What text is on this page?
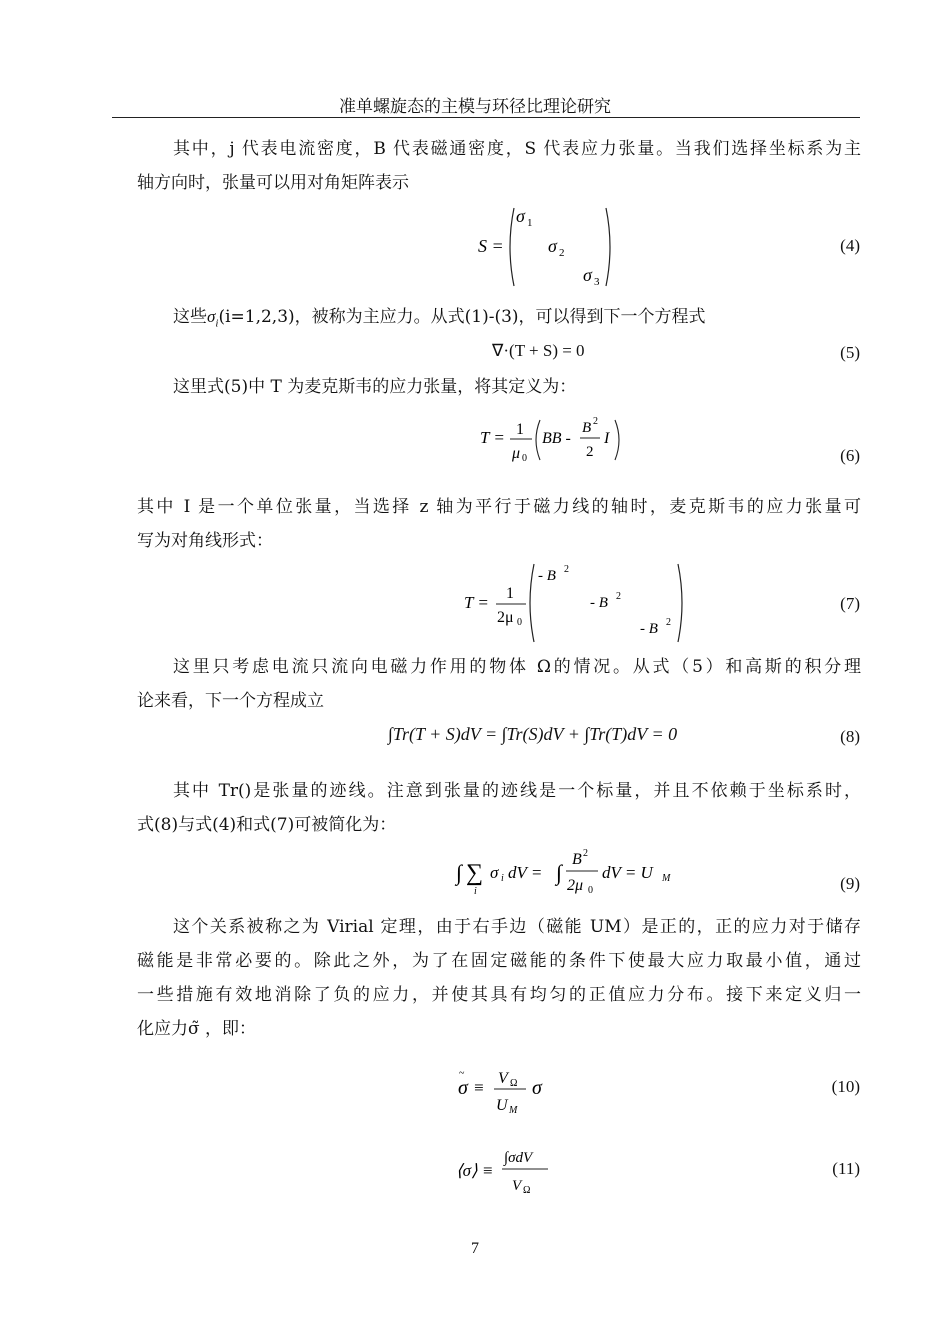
准单螺旋态的主模与环径比理论研究
其中，j 代表电流密度，B 代表磁通密度，S 代表应力张量。当我们选择坐标系为主
轴方向时，张量可以用对角矩阵表示
S =
σ 1
σ 2
σ 3
(4)
这些$\sigma_i(i=1,2,3)$，被称为主应力。从式(1)-(3)，可以得到下一个方程式
∇·(T + S) = 0	(5)
这里式(5)中 T 为麦克斯韦的应力张量，将其定义为：
T = 1
μ 0
BB -
B 2
2
I
(6)
其中 I 是一个单位张量，当选择 z 轴为平行于磁力线的轴时，麦克斯韦的应力张量可
写为对角线形式：
T = 1
2μ 0
- B 2
- B 2
- B 2
(7)
这里只考虑电流只流向电磁力作用的物体 Ω的情况。从式（5）和高斯的积分理
论来看，下一个方程成立
∫Tr(T + S)dV = ∫Tr(S)dV + ∫Tr(T)dV = 0	(8)
其中 Tr()是张量的迹线。注意到张量的迹线是一个标量，并且不依赖于坐标系时，
式(8)与式(4)和式(7)可被简化为：
∫ ∑
i
σ i dV = ∫
B 2
2μ 0
dV = U M	(9)
这个关系被称之为 Virial 定理，由于右手边（磁能 UM）是正的，正的应力对于储存
磁能是非常必要的。除此之外，为了在固定磁能的条件下使最大应力取最小值，通过
一些措施有效地消除了负的应力，并使其具有均匀的正值应力分布。接下来定义归一
化应力σ̃ ，即：
σ
~
≡ V Ω
U M
σ	(10)
⟨σ⟩ ≡
∫σdV
V Ω
(11)
7
